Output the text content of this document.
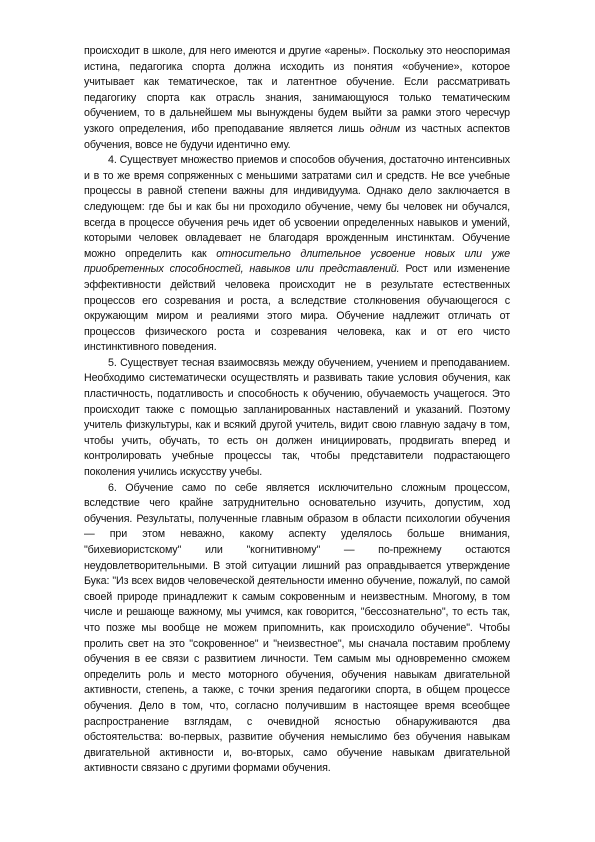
происходит в школе, для него имеются и другие «арены». Поскольку это неоспоримая истина, педагогика спорта должна исходить из понятия «обучение», которое учитывает как тематическое, так и латентное обучение. Если рассматривать педагогику спорта как отрасль знания, занимающуюся только тематическим обучением, то в дальнейшем мы вынуждены будем выйти за рамки этого чересчур узкого определения, ибо преподавание является лишь одним из частных аспектов обучения, вовсе не будучи идентично ему.

4. Существует множество приемов и способов обучения, достаточно интенсивных и в то же время сопряженных с меньшими затратами сил и средств. Не все учебные процессы в равной степени важны для индивидуума. Однако дело заключается в следующем: где бы и как бы ни проходило обучение, чему бы человек ни обучался, всегда в процессе обучения речь идет об усвоении определенных навыков и умений, которыми человек овладевает не благодаря врожденным инстинктам. Обучение можно определить как относительно длительное усвоение новых или уже приобретенных способностей, навыков или представлений. Рост или изменение эффективности действий человека происходит не в результате естественных процессов его созревания и роста, а вследствие столкновения обучающегося с окружающим миром и реалиями этого мира. Обучение надлежит отличать от процессов физического роста и созревания человека, как и от его чисто инстинктивного поведения.

5. Существует тесная взаимосвязь между обучением, учением и преподаванием. Необходимо систематически осуществлять и развивать такие условия обучения, как пластичность, податливость и способность к обучению, обучаемость учащегося. Это происходит также с помощью запланированных наставлений и указаний. Поэтому учитель физкультуры, как и всякий другой учитель, видит свою главную задачу в том, чтобы учить, обучать, то есть он должен инициировать, продвигать вперед и контролировать учебные процессы так, чтобы представители подрастающего поколения учились искусству учебы.

6. Обучение само по себе является исключительно сложным процессом, вследствие чего крайне затруднительно основательно изучить, допустим, ход обучения. Результаты, полученные главным образом в области психологии обучения — при этом неважно, какому аспекту уделялось больше внимания, "бихевиористскому" или "когнитивному" — по-прежнему остаются неудовлетворительными. В этой ситуации лишний раз оправдывается утверждение Бука: "Из всех видов человеческой деятельности именно обучение, пожалуй, по самой своей природе принадлежит к самым сокровенным и неизвестным. Многому, в том числе и решающе важному, мы учимся, как говорится, "бессознательно", то есть так, что позже мы вообще не можем припомнить, как происходило обучение". Чтобы пролить свет на это "сокровенное" и "неизвестное", мы сначала поставим проблему обучения в ее связи с развитием личности. Тем самым мы одновременно сможем определить роль и место моторного обучения, обучения навыкам двигательной активности, степень, а также, с точки зрения педагогики спорта, в общем процессе обучения. Дело в том, что, согласно получившим в настоящее время всеобщее распространение взглядам, с очевидной ясностью обнаруживаются два обстоятельства: во-первых, развитие обучения немыслимо без обучения навыкам двигательной активности и, во-вторых, само обучение навыкам двигательной активности связано с другими формами обучения.
